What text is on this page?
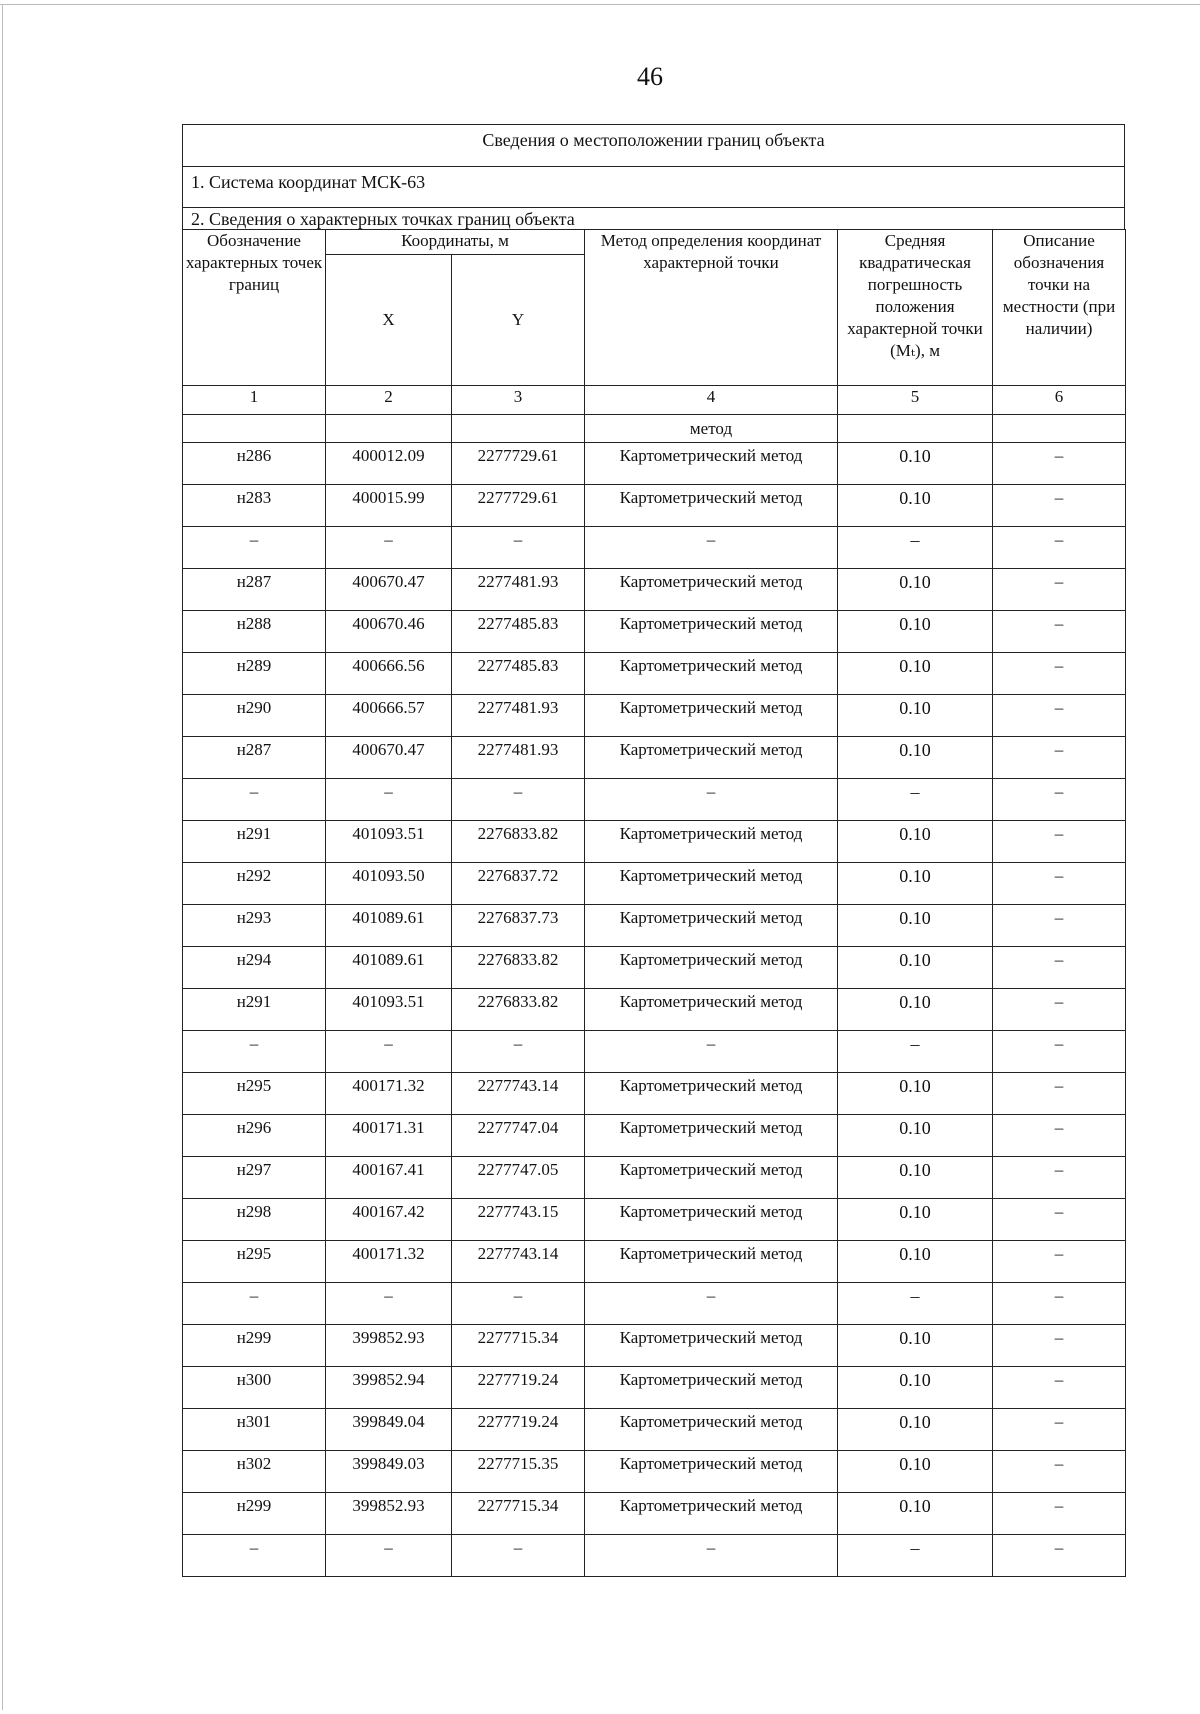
46
Сведения о местоположении границ объекта
1. Система координат МСК-63
2. Сведения о характерных точках границ объекта
Обозначение характерных точек границ	Координаты, м		Метод определения координат характерной точки	Средняя квадратическая погрешность положения характерной точки (Mₜ), м	Описание обозначения точки на местности (при наличии)
	X	Y			
1	2	3	4	5	6
			метод		
н286	400012.09	2277729.61	Картометрический метод	0.10	–
н283	400015.99	2277729.61	Картометрический метод	0.10	–
–	–	–	–	–	–
н287	400670.47	2277481.93	Картометрический метод	0.10	–
н288	400670.46	2277485.83	Картометрический метод	0.10	–
н289	400666.56	2277485.83	Картометрический метод	0.10	–
н290	400666.57	2277481.93	Картометрический метод	0.10	–
н287	400670.47	2277481.93	Картометрический метод	0.10	–
–	–	–	–	–	–
н291	401093.51	2276833.82	Картометрический метод	0.10	–
н292	401093.50	2276837.72	Картометрический метод	0.10	–
н293	401089.61	2276837.73	Картометрический метод	0.10	–
н294	401089.61	2276833.82	Картометрический метод	0.10	–
н291	401093.51	2276833.82	Картометрический метод	0.10	–
–	–	–	–	–	–
н295	400171.32	2277743.14	Картометрический метод	0.10	–
н296	400171.31	2277747.04	Картометрический метод	0.10	–
н297	400167.41	2277747.05	Картометрический метод	0.10	–
н298	400167.42	2277743.15	Картометрический метод	0.10	–
н295	400171.32	2277743.14	Картометрический метод	0.10	–
–	–	–	–	–	–
н299	399852.93	2277715.34	Картометрический метод	0.10	–
н300	399852.94	2277719.24	Картометрический метод	0.10	–
н301	399849.04	2277719.24	Картометрический метод	0.10	–
н302	399849.03	2277715.35	Картометрический метод	0.10	–
н299	399852.93	2277715.34	Картометрический метод	0.10	–
–	–	–	–	–	–
